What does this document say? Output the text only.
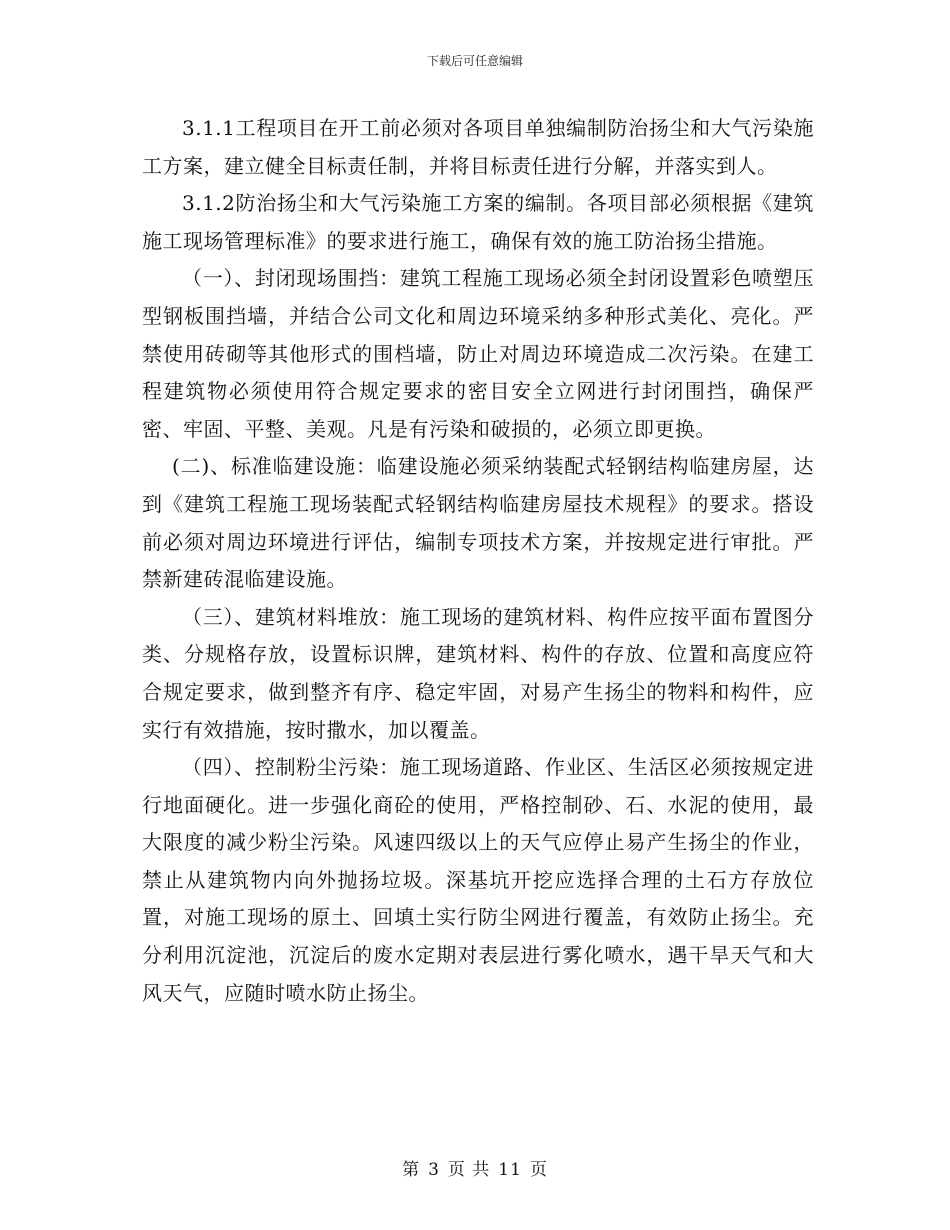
下载后可任意编辑

3.1.1工程项目在开工前必须对各项目单独编制防治扬尘和大气污染施工方案，建立健全目标责任制，并将目标责任进行分解，并落实到人。

3.1.2防治扬尘和大气污染施工方案的编制。各项目部必须根据《建筑施工现场管理标准》的要求进行施工，确保有效的施工防治扬尘措施。

（一）、封闭现场围挡：建筑工程施工现场必须全封闭设置彩色喷塑压型钢板围挡墙，并结合公司文化和周边环境采纳多种形式美化、亮化。严禁使用砖砌等其他形式的围档墙，防止对周边环境造成二次污染。在建工程建筑物必须使用符合规定要求的密目安全立网进行封闭围挡，确保严密、牢固、平整、美观。凡是有污染和破损的，必须立即更换。

(二)、标准临建设施：临建设施必须采纳装配式轻钢结构临建房屋，达到《建筑工程施工现场装配式轻钢结构临建房屋技术规程》的要求。搭设前必须对周边环境进行评估，编制专项技术方案，并按规定进行审批。严禁新建砖混临建设施。

（三）、建筑材料堆放：施工现场的建筑材料、构件应按平面布置图分类、分规格存放，设置标识牌，建筑材料、构件的存放、位置和高度应符合规定要求，做到整齐有序、稳定牢固，对易产生扬尘的物料和构件，应实行有效措施，按时撒水，加以覆盖。

（四）、控制粉尘污染：施工现场道路、作业区、生活区必须按规定进行地面硬化。进一步强化商砼的使用，严格控制砂、石、水泥的使用，最大限度的减少粉尘污染。风速四级以上的天气应停止易产生扬尘的作业，禁止从建筑物内向外抛扬垃圾。深基坑开挖应选择合理的土石方存放位置，对施工现场的原土、回填土实行防尘网进行覆盖，有效防止扬尘。充分利用沉淀池，沉淀后的废水定期对表层进行雾化喷水，遇干旱天气和大风天气，应随时喷水防止扬尘。

第 3 页 共 11 页
